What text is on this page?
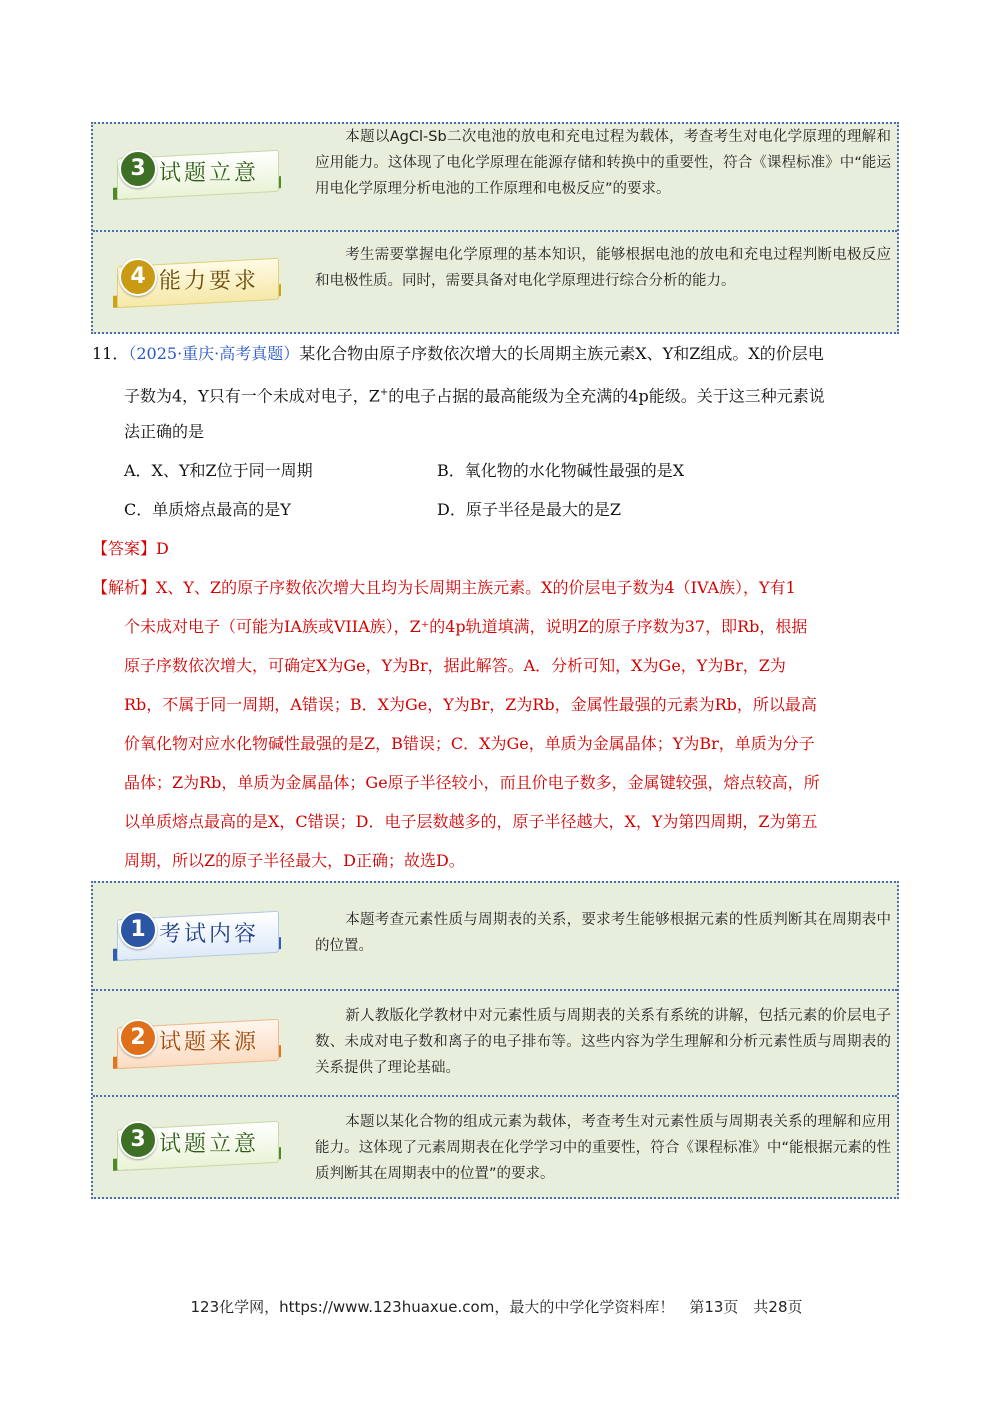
3 试题立意
本题以AgCl-Sb二次电池的放电和充电过程为载体，考查考生对电化学原理的理解和应用能力。这体现了电化学原理在能源存储和转换中的重要性，符合《课程标准》中“能运用电化学原理分析电池的工作原理和电极反应”的要求。
4 能力要求
考生需要掌握电化学原理的基本知识，能够根据电池的放电和充电过程判断电极反应和电极性质。同时，需要具备对电化学原理进行综合分析的能力。
11．（2025·重庆·高考真题）某化合物由原子序数依次增大的长周期主族元素X、Y和Z组成。X的价层电
子数为4，Y只有一个未成对电子，Z+的电子占据的最高能级为全充满的4p能级。关于这三种元素说
法正确的是
A．X、Y和Z位于同一周期	B．氧化物的水化物碱性最强的是X
C．单质熔点最高的是Y	D．原子半径是最大的是Z
【答案】D
【解析】X、Y、Z的原子序数依次增大且均为长周期主族元素。X的价层电子数为4（IVA族），Y有1
个未成对电子（可能为IA族或VIIA族），Z⁺的4p轨道填满，说明Z的原子序数为37，即Rb，根据
原子序数依次增大，可确定X为Ge，Y为Br，据此解答。A．分析可知，X为Ge，Y为Br，Z为
Rb，不属于同一周期，A错误；B．X为Ge，Y为Br，Z为Rb，金属性最强的元素为Rb，所以最高
价氧化物对应水化物碱性最强的是Z，B错误；C．X为Ge，单质为金属晶体；Y为Br，单质为分子
晶体；Z为Rb，单质为金属晶体；Ge原子半径较小，而且价电子数多，金属键较强，熔点较高，所
以单质熔点最高的是X，C错误；D．电子层数越多的，原子半径越大，X，Y为第四周期，Z为第五
周期，所以Z的原子半径最大，D正确；故选D。
1 考试内容
本题考查元素性质与周期表的关系，要求考生能够根据元素的性质判断其在周期表中的位置。
2 试题来源
新人教版化学教材中对元素性质与周期表的关系有系统的讲解，包括元素的价层电子数、未成对电子数和离子的电子排布等。这些内容为学生理解和分析元素性质与周期表的关系提供了理论基础。
3 试题立意
本题以某化合物的组成元素为载体，考查考生对元素性质与周期表关系的理解和应用能力。这体现了元素周期表在化学学习中的重要性，符合《课程标准》中“能根据元素的性质判断其在周期表中的位置”的要求。
123化学网，https://www.123huaxue.com，最大的中学化学资料库！　第13页　共28页
